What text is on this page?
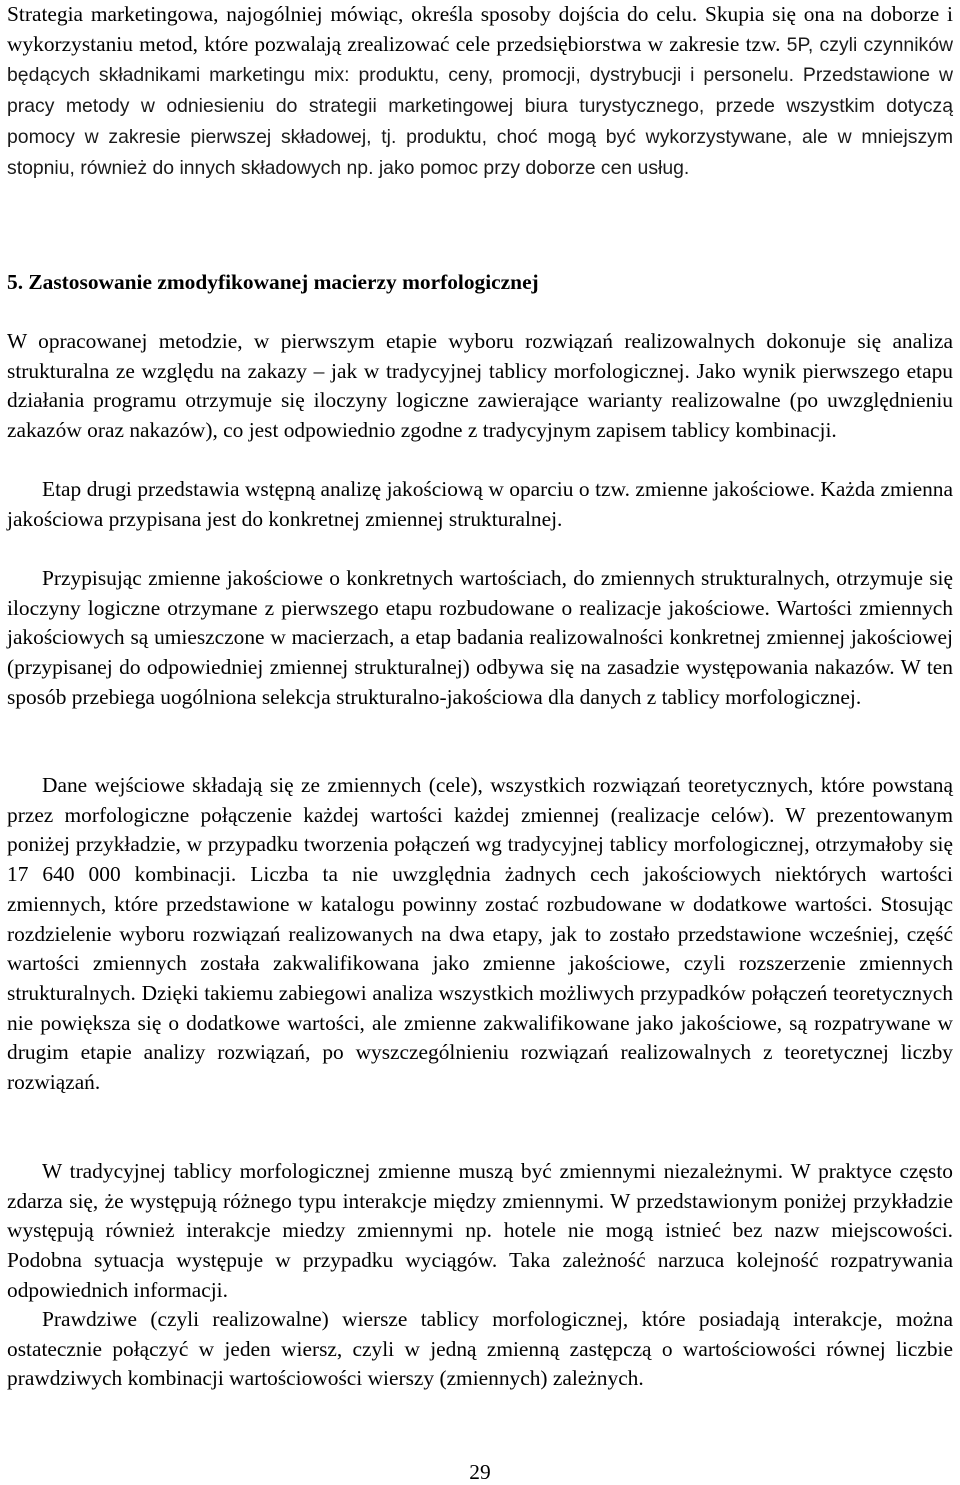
Strategia marketingowa, najogólniej mówiąc, określa sposoby dojścia do celu. Skupia się ona na doborze i wykorzystaniu metod, które pozwalają zrealizować cele przedsiębiorstwa w zakresie tzw. 5P, czyli czynników będących składnikami marketingu mix: produktu, ceny, promocji, dystrybucji i personelu. Przedstawione w pracy metody w odniesieniu do strategii marketingowej biura turystycznego, przede wszystkim dotyczą pomocy w zakresie pierwszej składowej, tj. produktu, choć mogą być wykorzystywane, ale w mniejszym stopniu, również do innych składowych np. jako pomoc przy doborze cen usług.

5. Zastosowanie zmodyfikowanej macierzy morfologicznej

W opracowanej metodzie, w pierwszym etapie wyboru rozwiązań realizowalnych dokonuje się analiza strukturalna ze względu na zakazy – jak w tradycyjnej tablicy morfologicznej. Jako wynik pierwszego etapu działania programu otrzymuje się iloczyny logiczne zawierające warianty realizowalne (po uwzględnieniu zakazów oraz nakazów), co jest odpowiednio zgodne z tradycyjnym zapisem tablicy kombinacji.

Etap drugi przedstawia wstępną analizę jakościową w oparciu o tzw. zmienne jakościowe. Każda zmienna jakościowa przypisana jest do konkretnej zmiennej strukturalnej.

Przypisując zmienne jakościowe o konkretnych wartościach, do zmiennych strukturalnych, otrzymuje się iloczyny logiczne otrzymane z pierwszego etapu rozbudowane o realizacje jakościowe. Wartości zmiennych jakościowych są umieszczone w macierzach, a etap badania realizowalności konkretnej zmiennej jakościowej (przypisanej do odpowiedniej zmiennej strukturalnej) odbywa się na zasadzie występowania nakazów. W ten sposób przebiega uogólniona selekcja strukturalno-jakościowa dla danych z tablicy morfologicznej.

Dane wejściowe składają się ze zmiennych (cele), wszystkich rozwiązań teoretycznych, które powstaną przez morfologiczne połączenie każdej wartości każdej zmiennej (realizacje celów). W prezentowanym poniżej przykładzie, w przypadku tworzenia połączeń wg tradycyjnej tablicy morfologicznej, otrzymałoby się 17 640 000 kombinacji. Liczba ta nie uwzględnia żadnych cech jakościowych niektórych wartości zmiennych, które przedstawione w katalogu powinny zostać rozbudowane w dodatkowe wartości. Stosując rozdzielenie wyboru rozwiązań realizowanych na dwa etapy, jak to zostało przedstawione wcześniej, część wartości zmiennych została zakwalifikowana jako zmienne jakościowe, czyli rozszerzenie zmiennych strukturalnych. Dzięki takiemu zabiegowi analiza wszystkich możliwych przypadków połączeń teoretycznych nie powiększa się o dodatkowe wartości, ale zmienne zakwalifikowane jako jakościowe, są rozpatrywane w drugim etapie analizy rozwiązań, po wyszczególnieniu rozwiązań realizowalnych z teoretycznej liczby rozwiązań.

W tradycyjnej tablicy morfologicznej zmienne muszą być zmiennymi niezależnymi. W praktyce często zdarza się, że występują różnego typu interakcje między zmiennymi. W przedstawionym poniżej przykładzie występują również interakcje miedzy zmiennymi np. hotele nie mogą istnieć bez nazw miejscowości. Podobna sytuacja występuje w przypadku wyciągów. Taka zależność narzuca kolejność rozpatrywania odpowiednich informacji.

Prawdziwe (czyli realizowalne) wiersze tablicy morfologicznej, które posiadają interakcje, można ostatecznie połączyć w jeden wiersz, czyli w jedną zmienną zastępczą o wartościowości równej liczbie prawdziwych kombinacji wartościowości wierszy (zmiennych) zależnych.

29
